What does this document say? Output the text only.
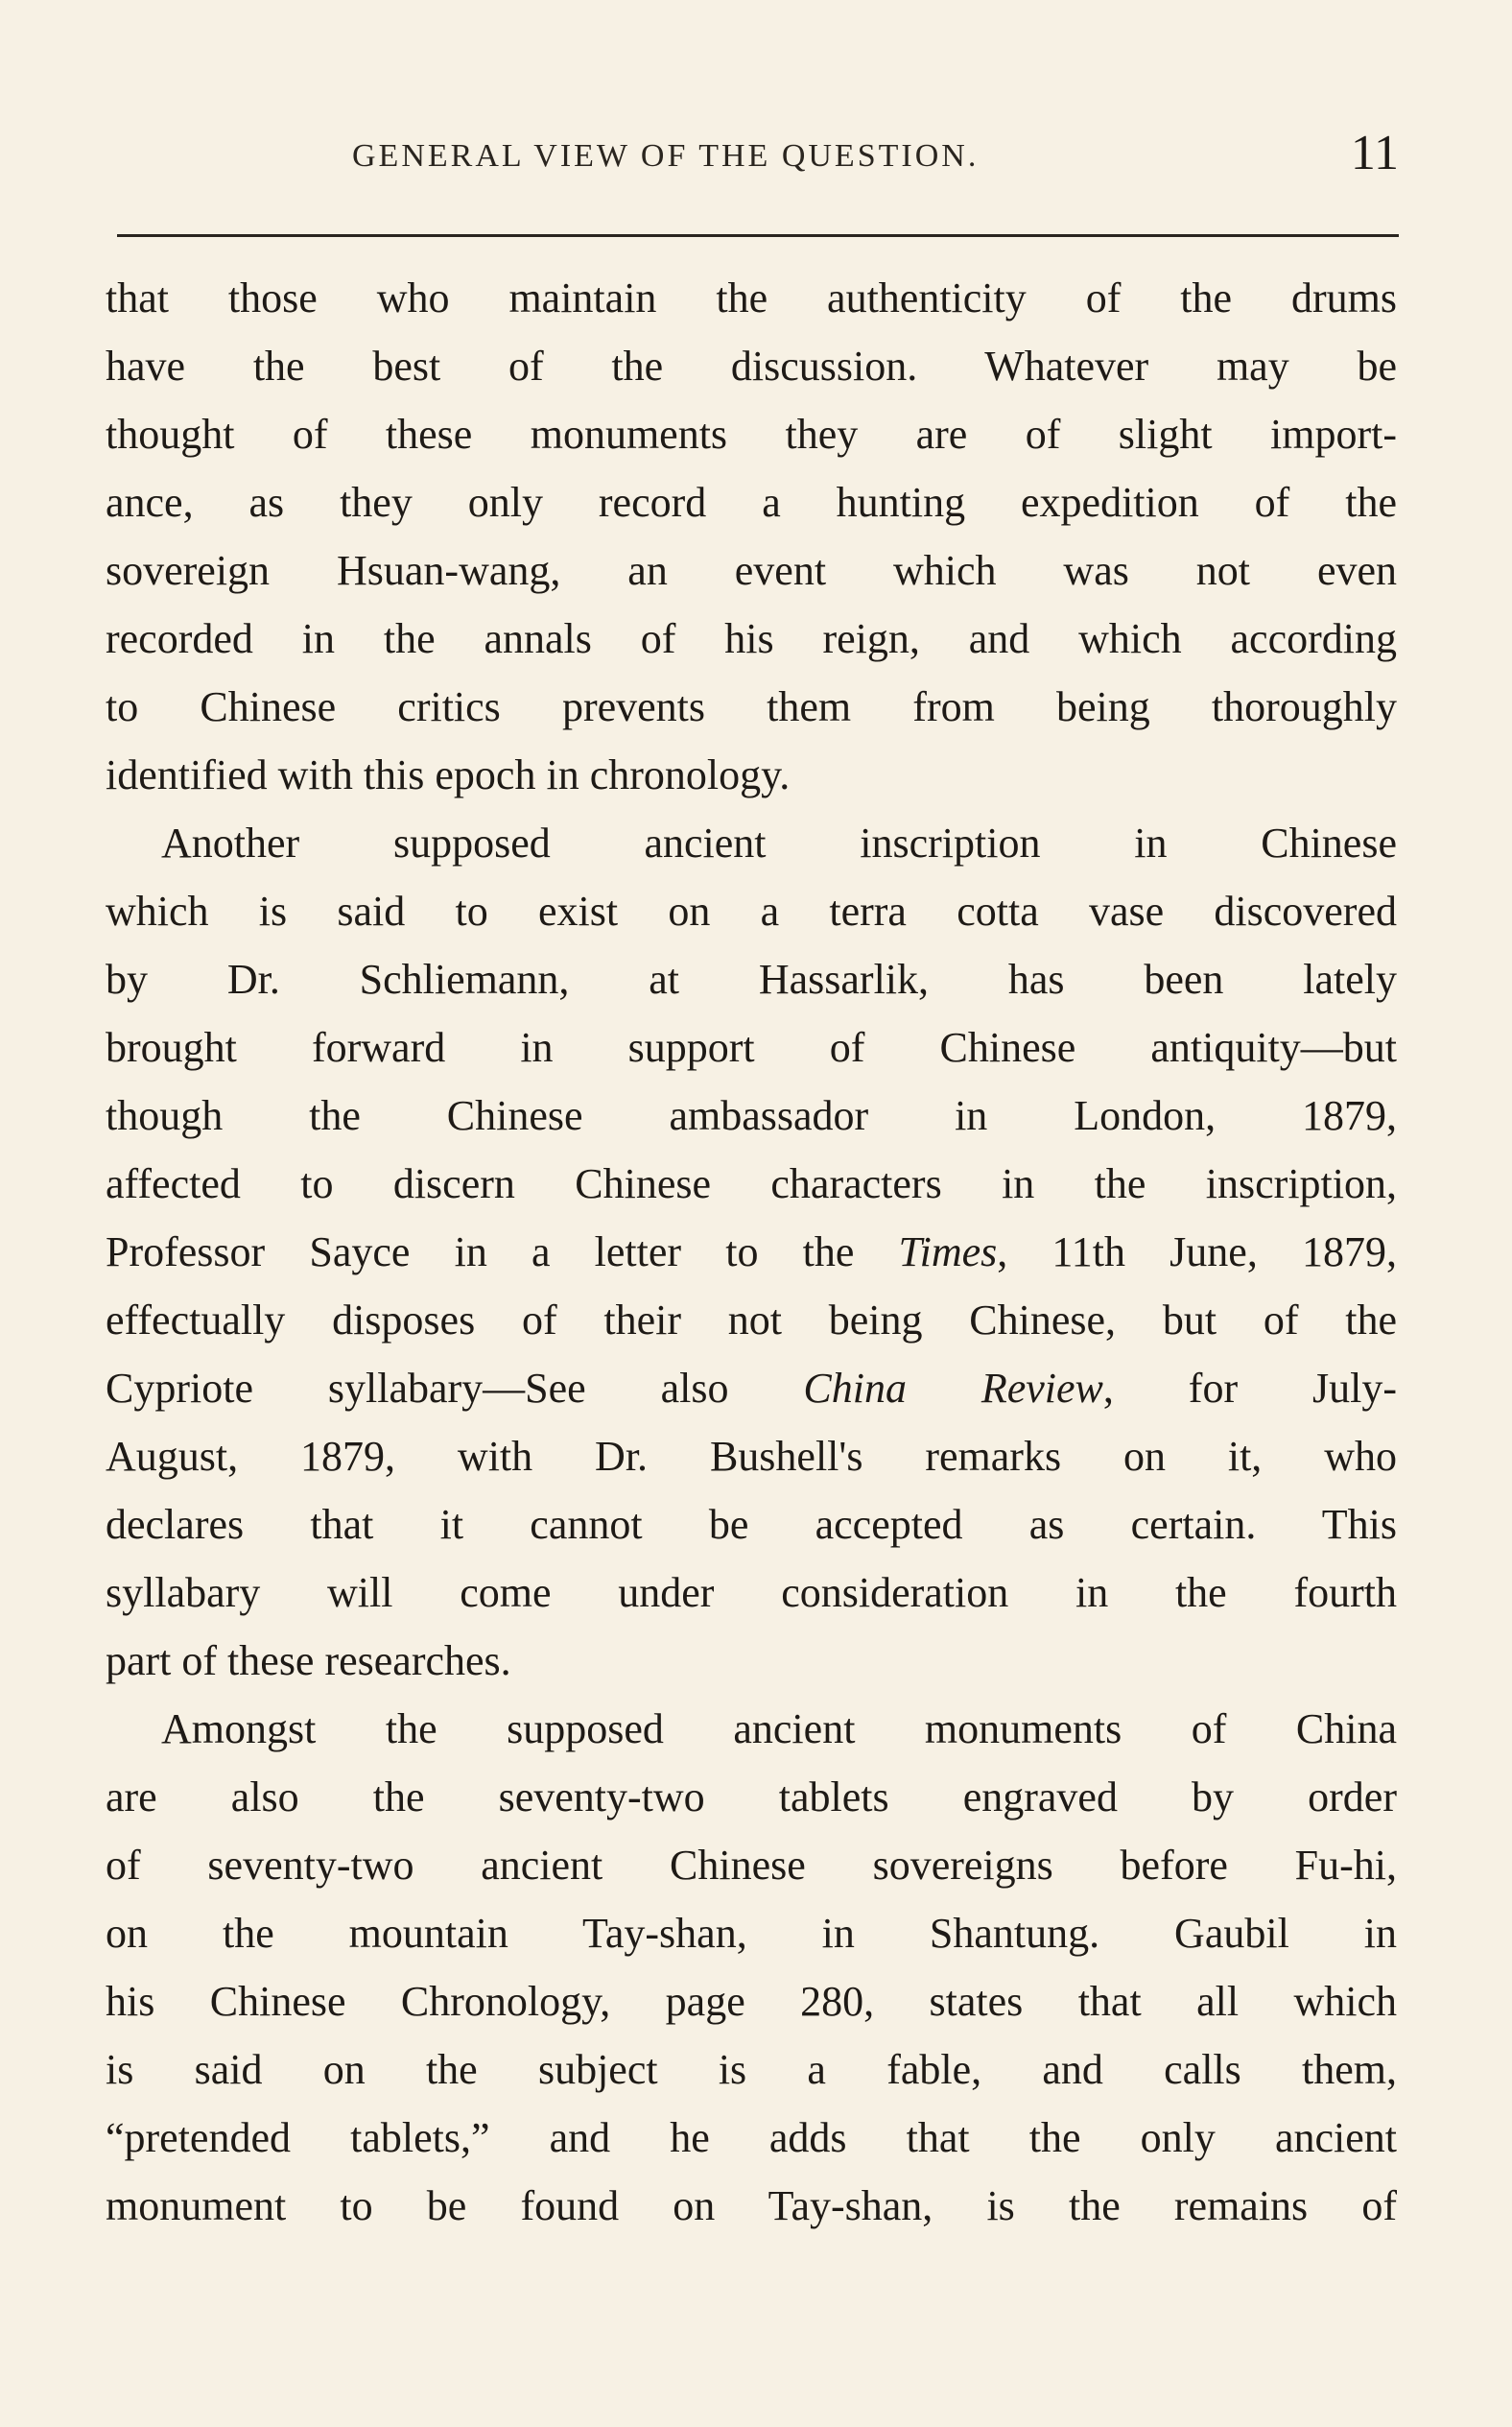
GENERAL VIEW OF THE QUESTION.	11
that those who maintain the authenticity of the drums
have the best of the discussion. Whatever may be
thought of these monuments they are of slight import-
ance, as they only record a hunting expedition of the
sovereign Hsuan-wang, an event which was not even
recorded in the annals of his reign, and which according
to Chinese critics prevents them from being thoroughly
identified with this epoch in chronology.
Another supposed ancient inscription in Chinese
which is said to exist on a terra cotta vase discovered
by Dr. Schliemann, at Hassarlik, has been lately
brought forward in support of Chinese antiquity—but
though the Chinese ambassador in London, 1879,
affected to discern Chinese characters in the inscription,
Professor Sayce in a letter to the Times, 11th June, 1879,
effectually disposes of their not being Chinese, but of the
Cypriote syllabary—See also China Review, for July-
August, 1879, with Dr. Bushell's remarks on it, who
declares that it cannot be accepted as certain. This
syllabary will come under consideration in the fourth
part of these researches.
Amongst the supposed ancient monuments of China
are also the seventy-two tablets engraved by order
of seventy-two ancient Chinese sovereigns before Fu-hi,
on the mountain Tay-shan, in Shantung. Gaubil in
his Chinese Chronology, page 280, states that all which
is said on the subject is a fable, and calls them,
“pretended tablets,” and he adds that the only ancient
monument to be found on Tay-shan, is the remains of
